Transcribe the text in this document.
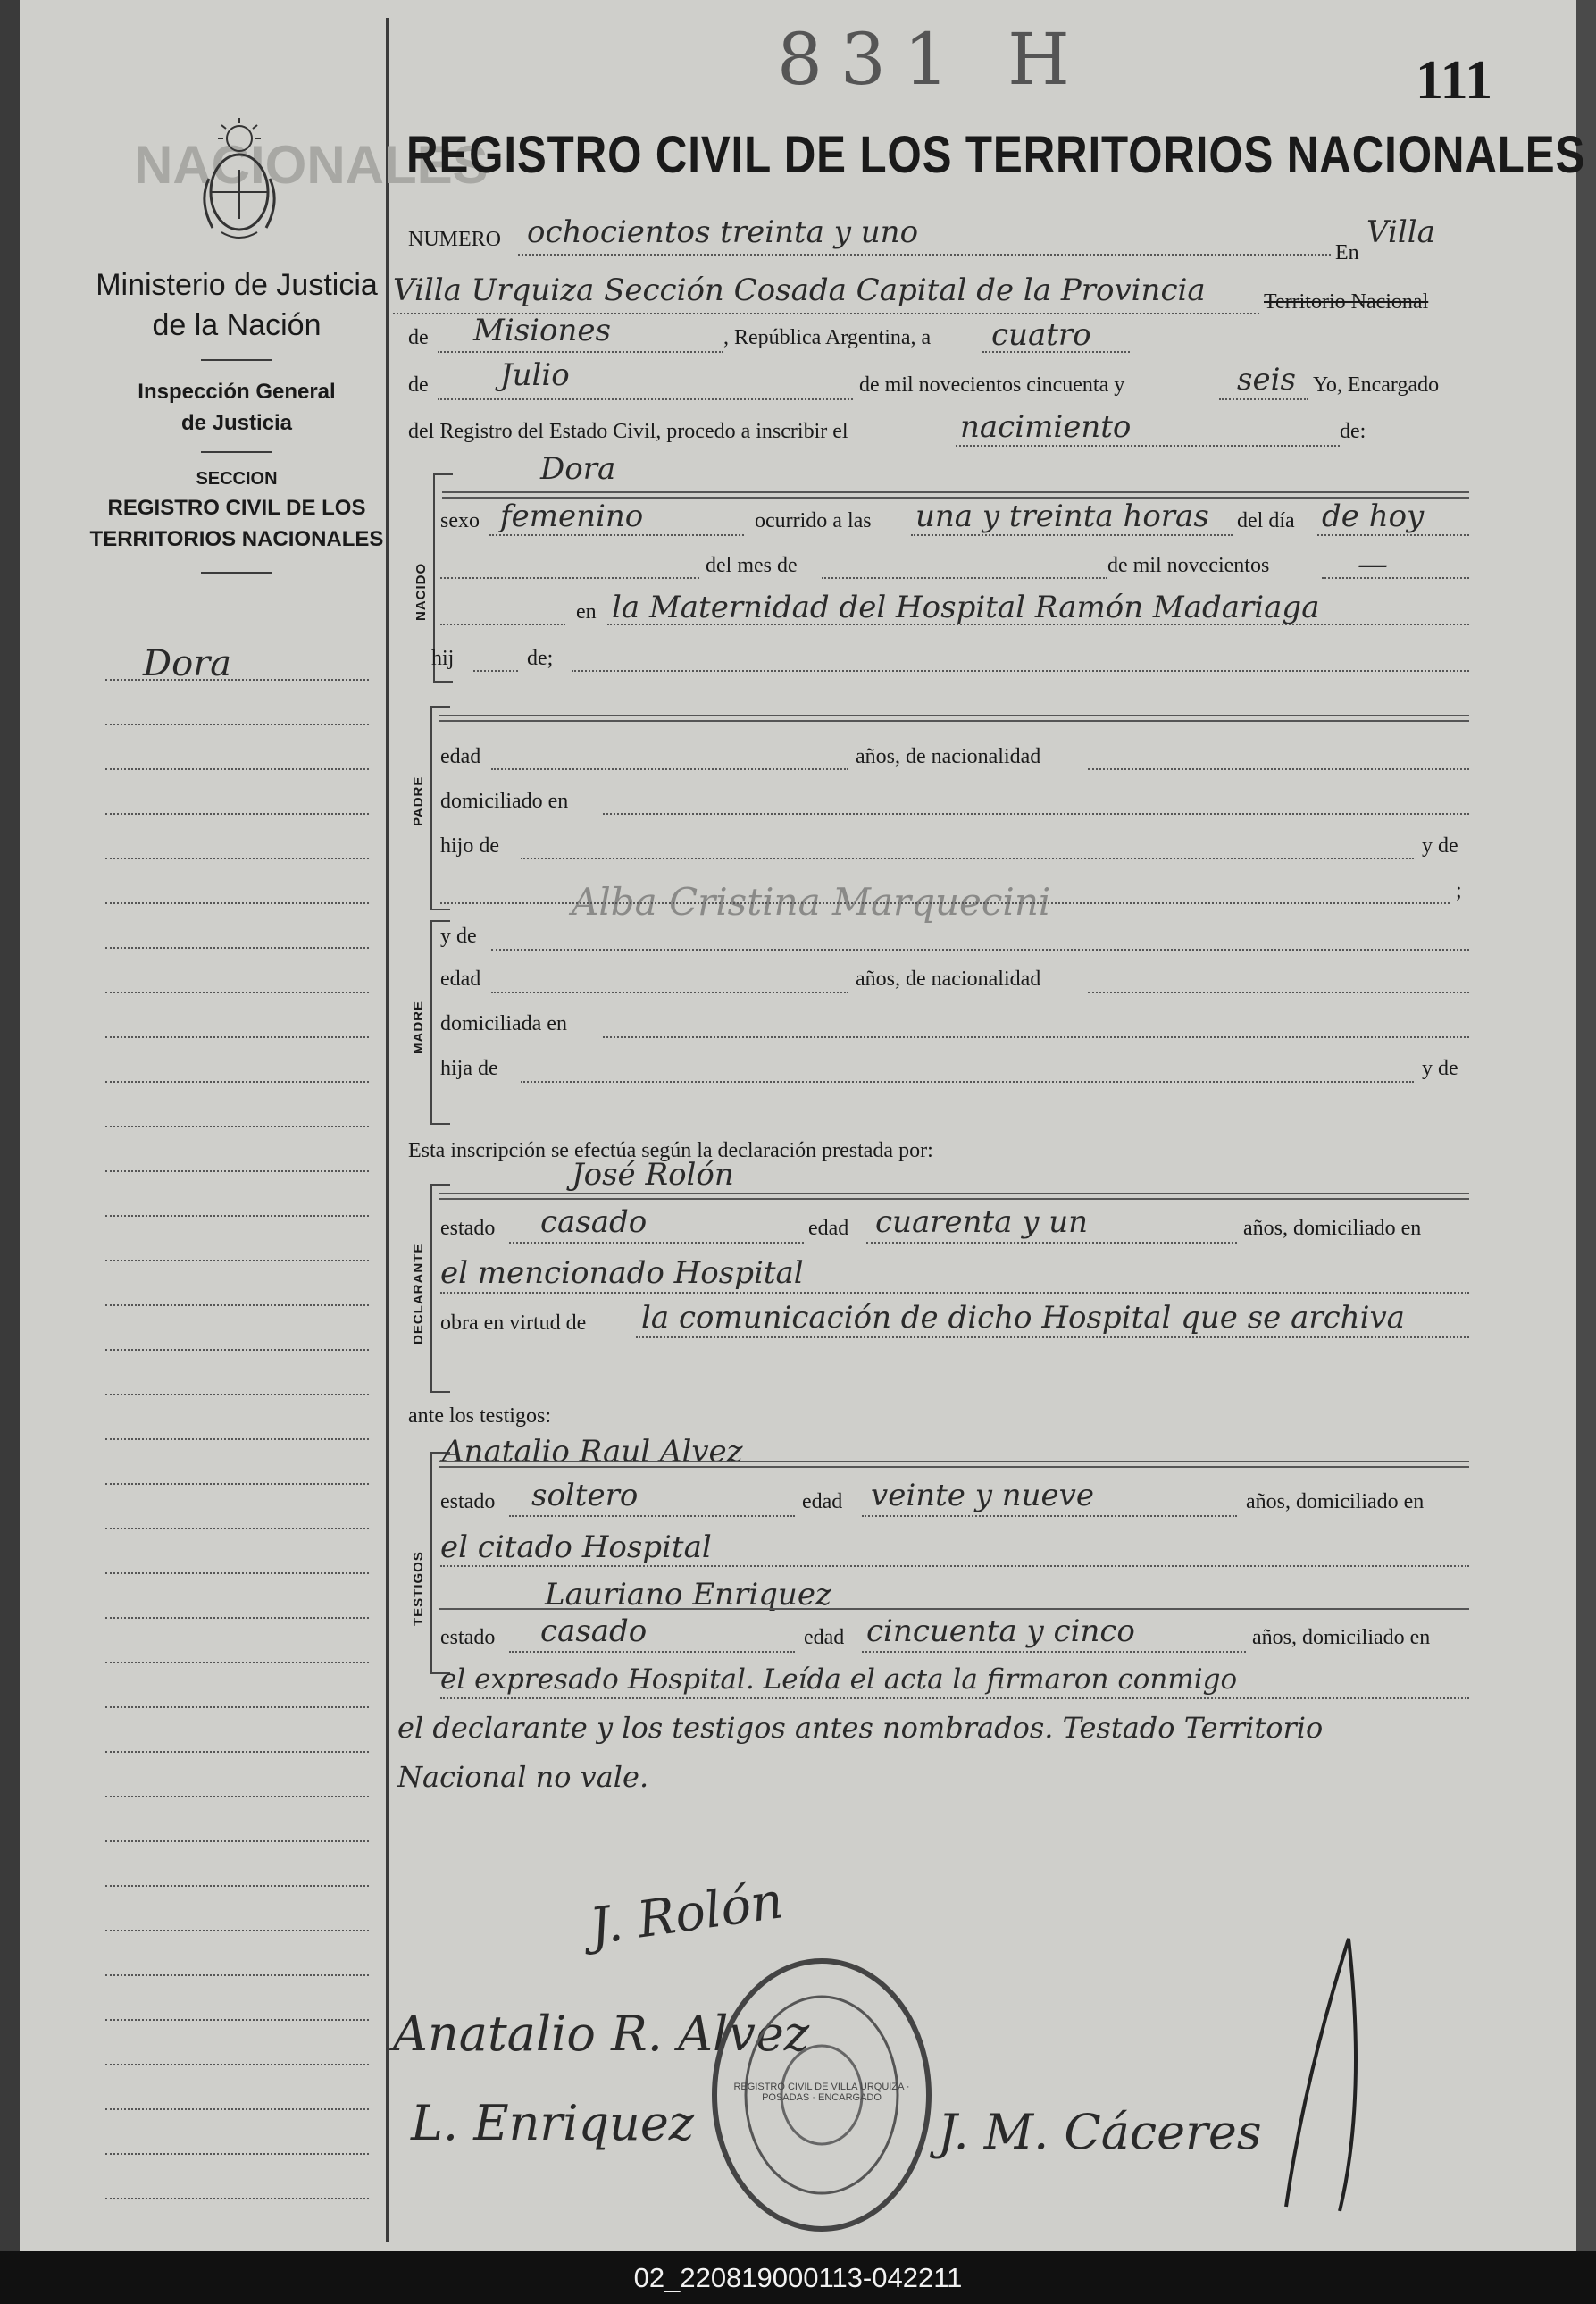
NACIONALES
Ministerio de Justicia
de la Nación
Inspección General
de Justicia
SECCION
REGISTRO CIVIL DE LOS
TERRITORIOS NACIONALES
Dora
831 H	111
REGISTRO CIVIL DE LOS TERRITORIOS NACIONALES
NUMERO ochocientos treinta y uno
En
Villa
Villa Urquiza Sección Cosada Capital de la Provincia	Territorio Nacional
de Misiones	, República Argentina, a cuatro
de Julio	de mil novecientos cincuenta y	seis Yo, Encargado
del Registro del Estado Civil, procedo a inscribir el	nacimiento	de:
NACIDO
Dora
sexo femenino	ocurrido a las una y treinta horas del día de hoy
del mes de	de mil novecientos	—
en la Maternidad del Hospital Ramón Madariaga
hij	de;
PADRE
edad	años, de nacionalidad
domiciliado en
hijo de	y de
Alba Cristina Marquecini	;
MADRE
y de
edad	años, de nacionalidad
domiciliada en
hija de	y de
Esta inscripción se efectúa según la declaración prestada por:
DECLARANTE
José Rolón
estado casado	edad cuarenta y un	años, domiciliado en
el mencionado Hospital
obra en virtud de la comunicación de dicho Hospital que se archiva
ante los testigos:
TESTIGOS
Anatalio Raul Alvez
estado soltero	edad veinte y nueve	años, domiciliado en
el citado Hospital
Lauriano Enriquez
estado casado	edad cincuenta y cinco	años, domiciliado en
el expresado Hospital. Leída el acta la firmaron conmigo
el declarante y los testigos antes nombrados. Testado Territorio
Nacional no vale.
J. Rolón
Anatalio R. Alvez
L. Enriquez	J. M. Cáceres
REGISTRO CIVIL DE VILLA URQUIZA · POSADAS · ENCARGADO
02_220819000113-042211
